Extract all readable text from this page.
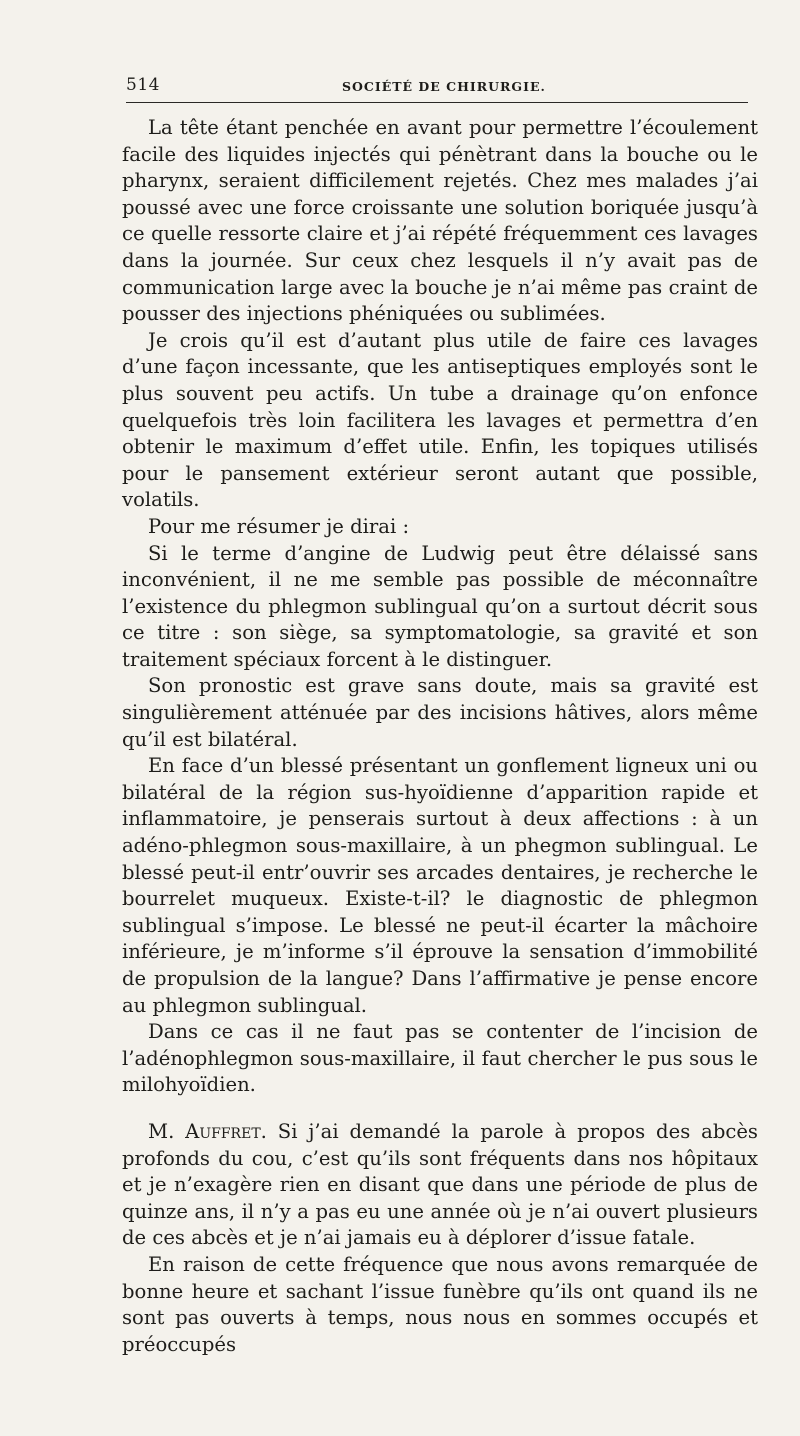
514	SOCIÉTÉ DE CHIRURGIE.

La tête étant penchée en avant pour permettre l’écoulement facile des liquides injectés qui pénètrant dans la bouche ou le pharynx, seraient difficilement rejetés. Chez mes malades j’ai poussé avec une force croissante une solution boriquée jusqu’à ce quelle ressorte claire et j’ai répété fréquemment ces lavages dans la journée. Sur ceux chez lesquels il n’y avait pas de communication large avec la bouche je n’ai même pas craint de pousser des injections phéniquées ou sublimées.

Je crois qu’il est d’autant plus utile de faire ces lavages d’une façon incessante, que les antiseptiques employés sont le plus souvent peu actifs. Un tube a drainage qu’on enfonce quelquefois très loin facilitera les lavages et permettra d’en obtenir le maximum d’effet utile. Enfin, les topiques utilisés pour le pansement extérieur seront autant que possible, volatils.

Pour me résumer je dirai :

Si le terme d’angine de Ludwig peut être délaissé sans inconvénient, il ne me semble pas possible de méconnaître l’existence du phlegmon sublingual qu’on a surtout décrit sous ce titre : son siège, sa symptomatologie, sa gravité et son traitement spéciaux forcent à le distinguer.

Son pronostic est grave sans doute, mais sa gravité est singulièrement atténuée par des incisions hâtives, alors même qu’il est bilatéral.

En face d’un blessé présentant un gonflement ligneux uni ou bilatéral de la région sus-hyoïdienne d’apparition rapide et inflammatoire, je penserais surtout à deux affections : à un adéno-phlegmon sous-maxillaire, à un phegmon sublingual. Le blessé peut-il entr’ouvrir ses arcades dentaires, je recherche le bourrelet muqueux. Existe-t-il? le diagnostic de phlegmon sublingual s’impose. Le blessé ne peut-il écarter la mâchoire inférieure, je m’informe s’il éprouve la sensation d’immobilité de propulsion de la langue? Dans l’affirmative je pense encore au phlegmon sublingual.

Dans ce cas il ne faut pas se contenter de l’incision de l’adénophlegmon sous-maxillaire, il faut chercher le pus sous le milohyoïdien.

M. Auffret. Si j’ai demandé la parole à propos des abcès profonds du cou, c’est qu’ils sont fréquents dans nos hôpitaux et je n’exagère rien en disant que dans une période de plus de quinze ans, il n’y a pas eu une année où je n’ai ouvert plusieurs de ces abcès et je n’ai jamais eu à déplorer d’issue fatale.

En raison de cette fréquence que nous avons remarquée de bonne heure et sachant l’issue funèbre qu’ils ont quand ils ne sont pas ouverts à temps, nous nous en sommes occupés et préoccupés
